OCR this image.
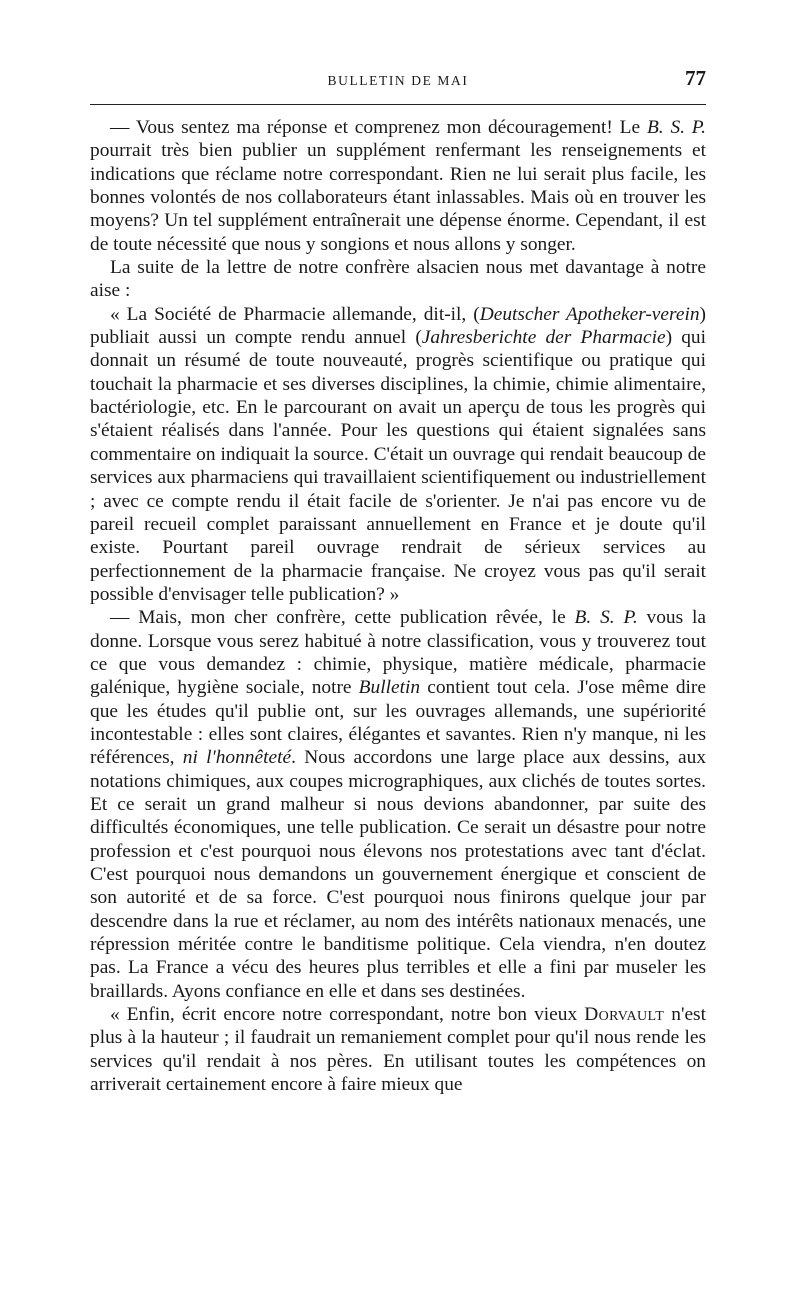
BULLETIN DE MAI	77

— Vous sentez ma réponse et comprenez mon découragement! Le B. S. P. pourrait très bien publier un supplément renfermant les renseignements et indications que réclame notre correspondant. Rien ne lui serait plus facile, les bonnes volontés de nos collaborateurs étant inlassables. Mais où en trouver les moyens? Un tel supplément entraînerait une dépense énorme. Cependant, il est de toute nécessité que nous y songions et nous allons y songer.

La suite de la lettre de notre confrère alsacien nous met davantage à notre aise :

« La Société de Pharmacie allemande, dit-il, (Deutscher Apotheker-verein) publiait aussi un compte rendu annuel (Jahresberichte der Pharmacie) qui donnait un résumé de toute nouveauté, progrès scientifique ou pratique qui touchait la pharmacie et ses diverses disciplines, la chimie, chimie alimentaire, bactériologie, etc. En le parcourant on avait un aperçu de tous les progrès qui s'étaient réalisés dans l'année. Pour les questions qui étaient signalées sans commentaire on indiquait la source. C'était un ouvrage qui rendait beaucoup de services aux pharmaciens qui travaillaient scientifiquement ou industriellement ; avec ce compte rendu il était facile de s'orienter. Je n'ai pas encore vu de pareil recueil complet paraissant annuellement en France et je doute qu'il existe. Pourtant pareil ouvrage rendrait de sérieux services au perfectionnement de la pharmacie française. Ne croyez vous pas qu'il serait possible d'envisager telle publication? »

— Mais, mon cher confrère, cette publication rêvée, le B. S. P. vous la donne. Lorsque vous serez habitué à notre classification, vous y trouverez tout ce que vous demandez : chimie, physique, matière médicale, pharmacie galénique, hygiène sociale, notre Bulletin contient tout cela. J'ose même dire que les études qu'il publie ont, sur les ouvrages allemands, une supériorité incontestable : elles sont claires, élégantes et savantes. Rien n'y manque, ni les références, ni l'honnêteté. Nous accordons une large place aux dessins, aux notations chimiques, aux coupes micrographiques, aux clichés de toutes sortes. Et ce serait un grand malheur si nous devions abandonner, par suite des difficultés économiques, une telle publication. Ce serait un désastre pour notre profession et c'est pourquoi nous élevons nos protestations avec tant d'éclat. C'est pourquoi nous demandons un gouvernement énergique et conscient de son autorité et de sa force. C'est pourquoi nous finirons quelque jour par descendre dans la rue et réclamer, au nom des intérêts nationaux menacés, une répression méritée contre le banditisme politique. Cela viendra, n'en doutez pas. La France a vécu des heures plus terribles et elle a fini par museler les braillards. Ayons confiance en elle et dans ses destinées.

« Enfin, écrit encore notre correspondant, notre bon vieux Dorvault n'est plus à la hauteur ; il faudrait un remaniement complet pour qu'il nous rende les services qu'il rendait à nos pères. En utilisant toutes les compétences on arriverait certainement encore à faire mieux que
